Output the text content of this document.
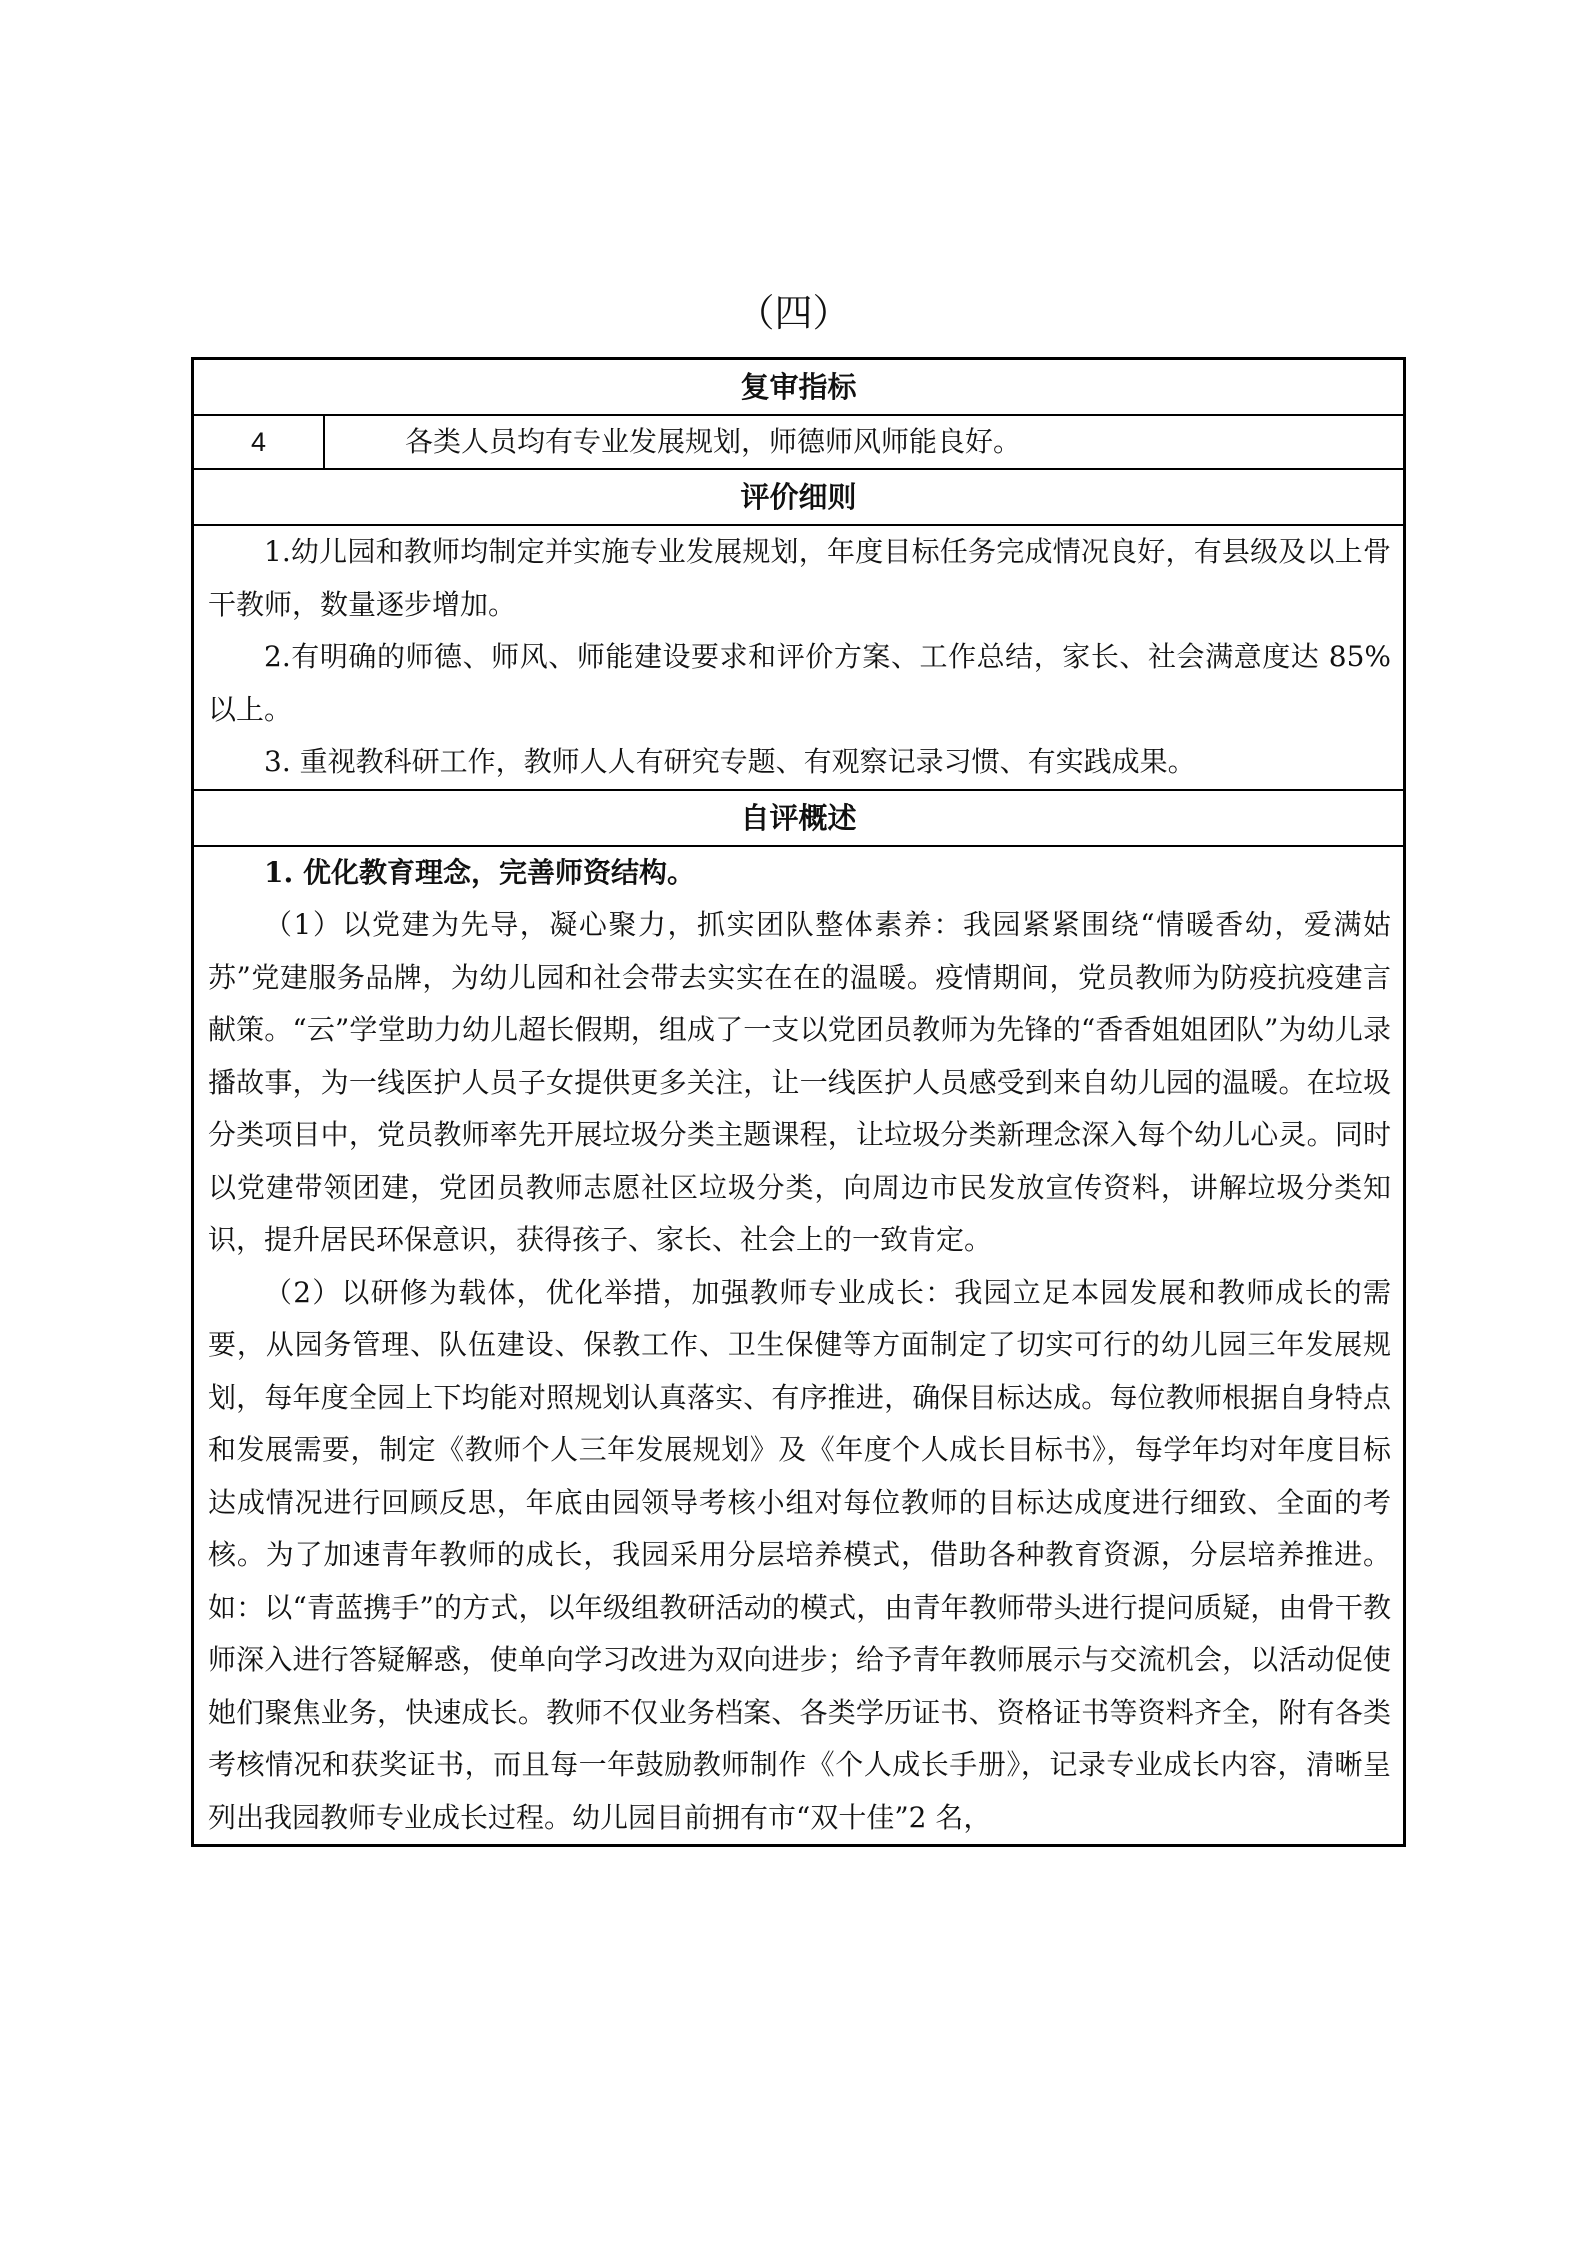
（四）
复审指标
4	各类人员均有专业发展规划，师德师风师能良好。
评价细则

1.幼儿园和教师均制定并实施专业发展规划，年度目标任务完成情况良好，有县级及以上骨干教师，数量逐步增加。

2.有明确的师德、师风、师能建设要求和评价方案、工作总结，家长、社会满意度达 85%以上。

3. 重视教科研工作，教师人人有研究专题、有观察记录习惯、有实践成果。

自评概述

1. 优化教育理念，完善师资结构。

（1）以党建为先导，凝心聚力，抓实团队整体素养：我园紧紧围绕“情暖香幼，爱满姑苏”党建服务品牌，为幼儿园和社会带去实实在在的温暖。疫情期间，党员教师为防疫抗疫建言献策。“云”学堂助力幼儿超长假期，组成了一支以党团员教师为先锋的“香香姐姐团队”为幼儿录播故事，为一线医护人员子女提供更多关注，让一线医护人员感受到来自幼儿园的温暖。在垃圾分类项目中，党员教师率先开展垃圾分类主题课程，让垃圾分类新理念深入每个幼儿心灵。同时以党建带领团建，党团员教师志愿社区垃圾分类，向周边市民发放宣传资料，讲解垃圾分类知识，提升居民环保意识，获得孩子、家长、社会上的一致肯定。

（2）以研修为载体，优化举措，加强教师专业成长：我园立足本园发展和教师成长的需要，从园务管理、队伍建设、保教工作、卫生保健等方面制定了切实可行的幼儿园三年发展规划，每年度全园上下均能对照规划认真落实、有序推进，确保目标达成。每位教师根据自身特点和发展需要，制定《教师个人三年发展规划》及《年度个人成长目标书》，每学年均对年度目标达成情况进行回顾反思，年底由园领导考核小组对每位教师的目标达成度进行细致、全面的考核。为了加速青年教师的成长，我园采用分层培养模式，借助各种教育资源，分层培养推进。如：以“青蓝携手”的方式，以年级组教研活动的模式，由青年教师带头进行提问质疑，由骨干教师深入进行答疑解惑，使单向学习改进为双向进步；给予青年教师展示与交流机会，以活动促使她们聚焦业务，快速成长。教师不仅业务档案、各类学历证书、资格证书等资料齐全，附有各类考核情况和获奖证书，而且每一年鼓励教师制作《个人成长手册》，记录专业成长内容，清晰呈列出我园教师专业成长过程。幼儿园目前拥有市“双十佳”2 名，
